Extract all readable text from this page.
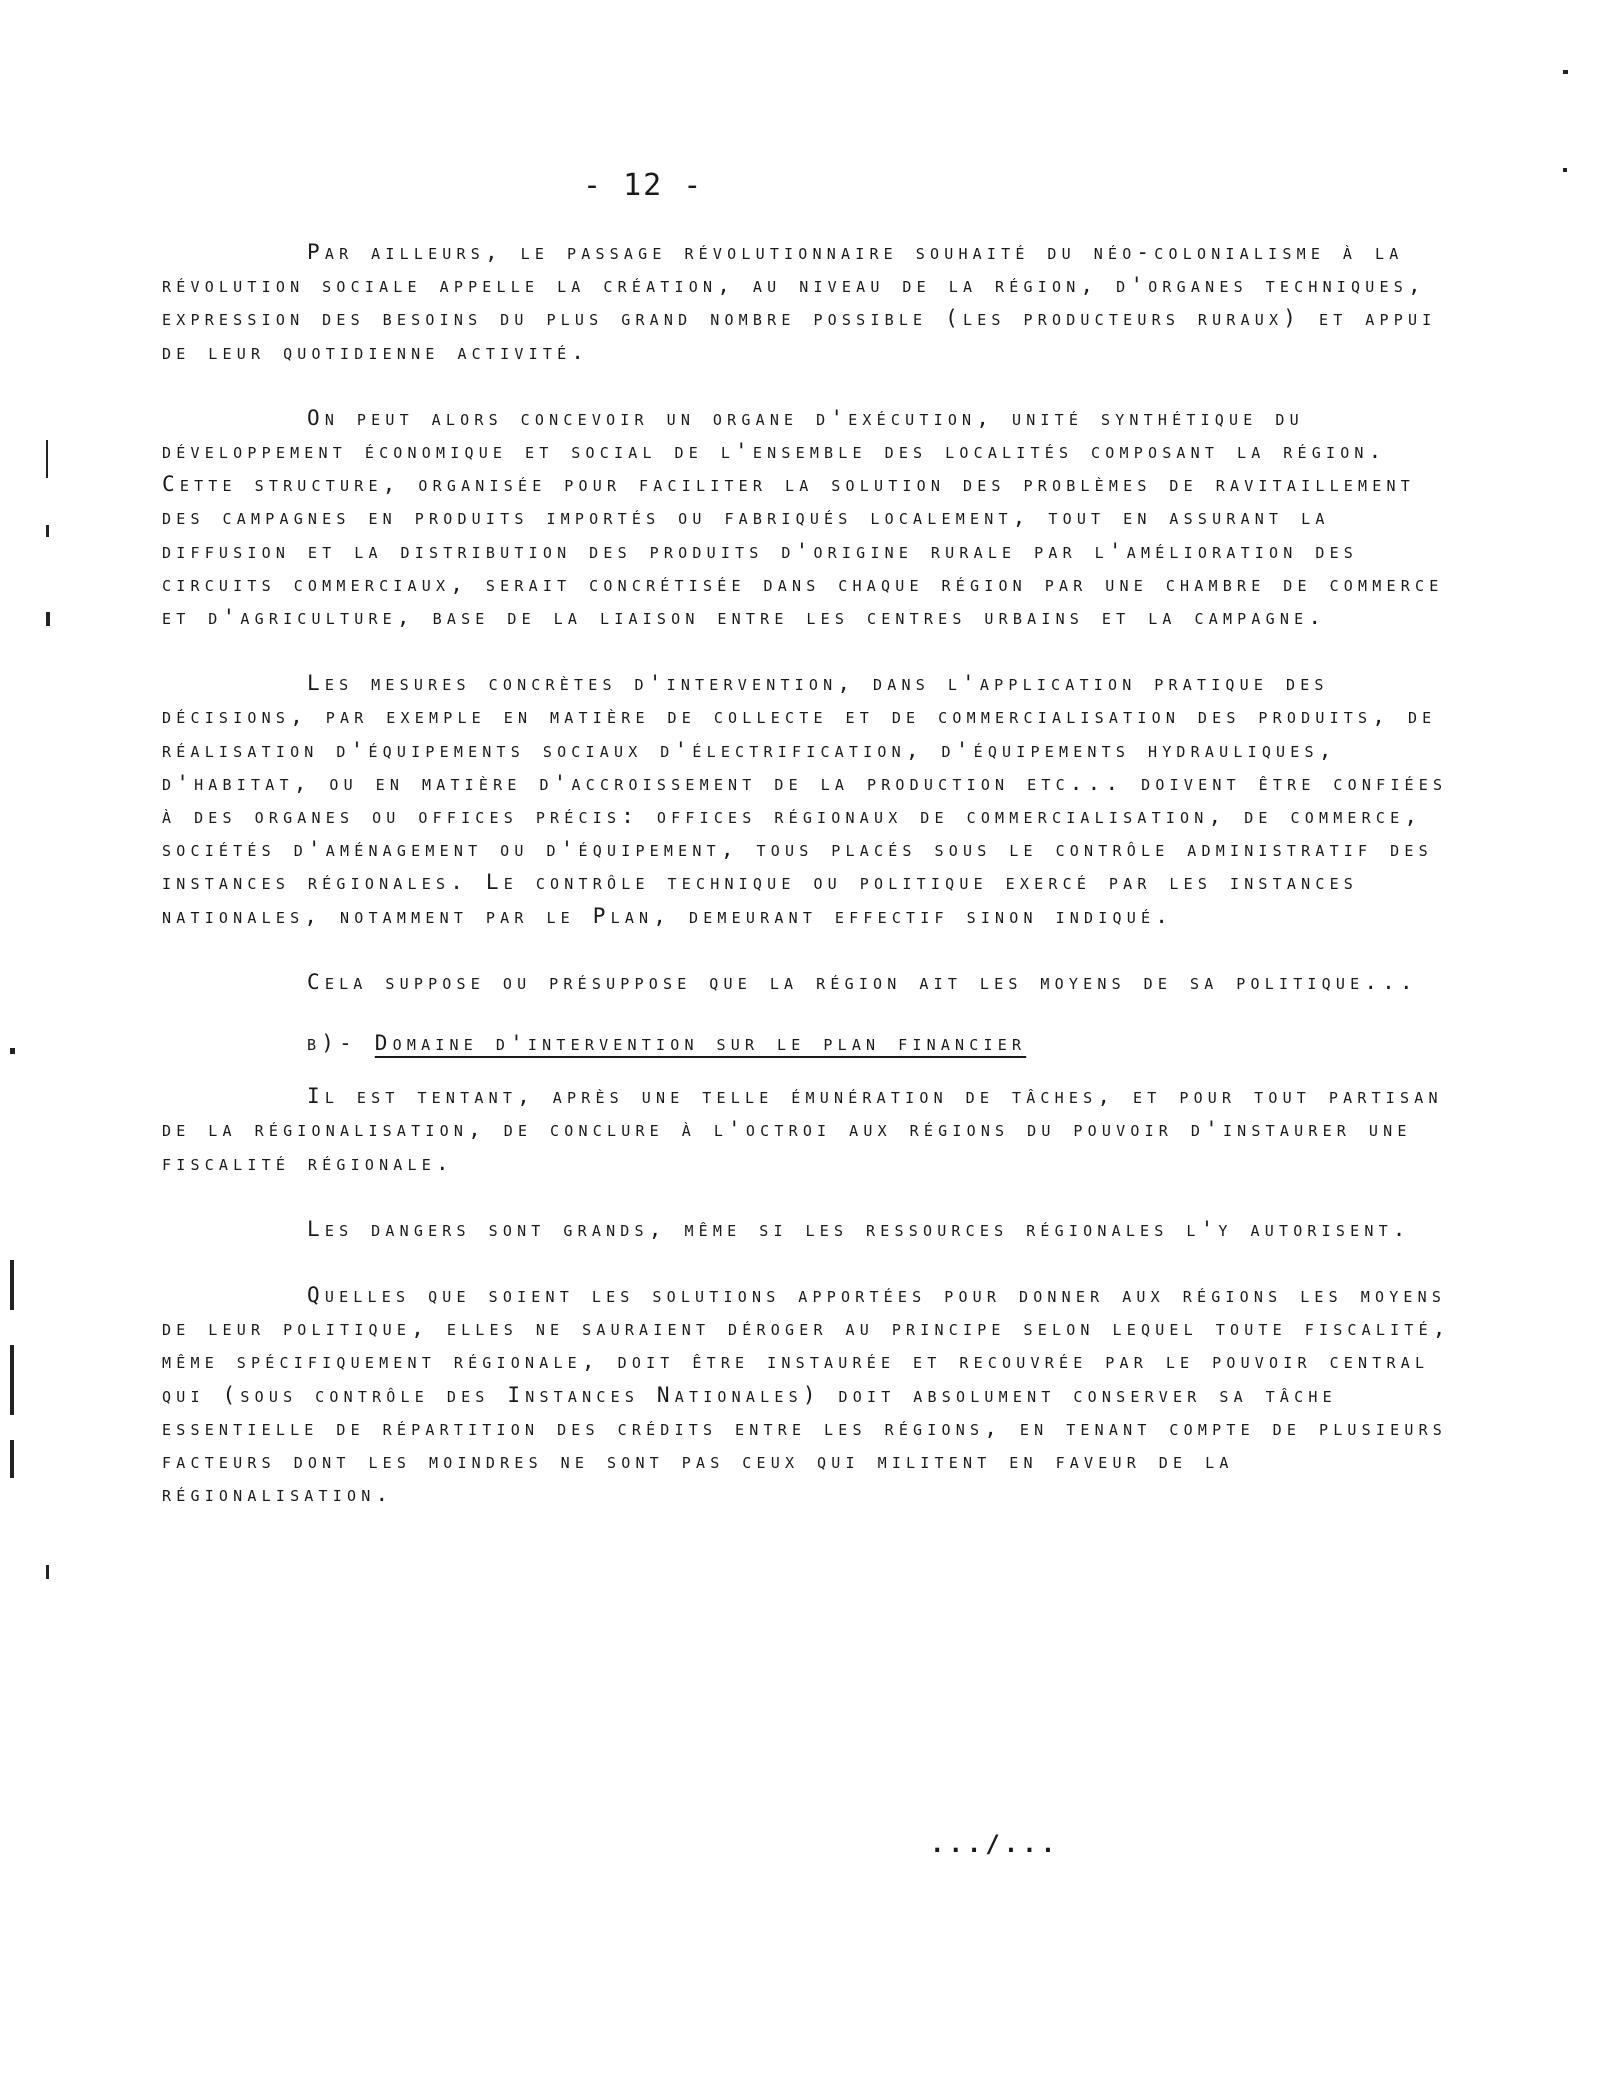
- 12 -

Par ailleurs, le passage révolutionnaire souhaité du néo-colonialisme à la révolution sociale appelle la création, au niveau de la région, d'organes techniques, expression des besoins du plus grand nombre possible (les producteurs ruraux) et appui de leur quotidienne activité.

On peut alors concevoir un organe d'exécution, unité synthétique du développement économique et social de l'ensemble des localités composant la région. Cette structure, organisée pour faciliter la solution des problèmes de ravitaillement des campagnes en produits importés ou fabriqués localement, tout en assurant la diffusion et la distribution des produits d'origine rurale par l'amélioration des circuits commerciaux, serait concrétisée dans chaque région par une chambre de commerce et d'agriculture, base de la liaison entre les centres urbains et la campagne.

Les mesures concrètes d'intervention, dans l'application pratique des décisions, par exemple en matière de collecte et de commercialisation des produits, de réalisation d'équipements sociaux d'électrification, d'équipements hydrauliques, d'habitat, ou en matière d'accroissement de la production etc... doivent être confiées à des organes ou offices précis: offices régionaux de commercialisation, de commerce, sociétés d'aménagement ou d'équipement, tous placés sous le contrôle administratif des instances régionales. Le contrôle technique ou politique exercé par les instances nationales, notamment par le Plan, demeurant effectif sinon indiqué.

Cela suppose ou présuppose que la région ait les moyens de sa politique...

b)- Domaine d'intervention sur le plan financier

Il est tentant, après une telle émunération de tâches, et pour tout partisan de la régionalisation, de conclure à l'octroi aux régions du pouvoir d'instaurer une fiscalité régionale.

Les dangers sont grands, même si les ressources régionales l'y autorisent.

Quelles que soient les solutions apportées pour donner aux régions les moyens de leur politique, elles ne sauraient déroger au principe selon lequel toute fiscalité, même spécifiquement régionale, doit être instaurée et recouvrée par le pouvoir central qui (sous contrôle des Instances Nationales) doit absolument conserver sa tâche essentielle de répartition des crédits entre les régions, en tenant compte de plusieurs facteurs dont les moindres ne sont pas ceux qui militent en faveur de la régionalisation.

.../...
